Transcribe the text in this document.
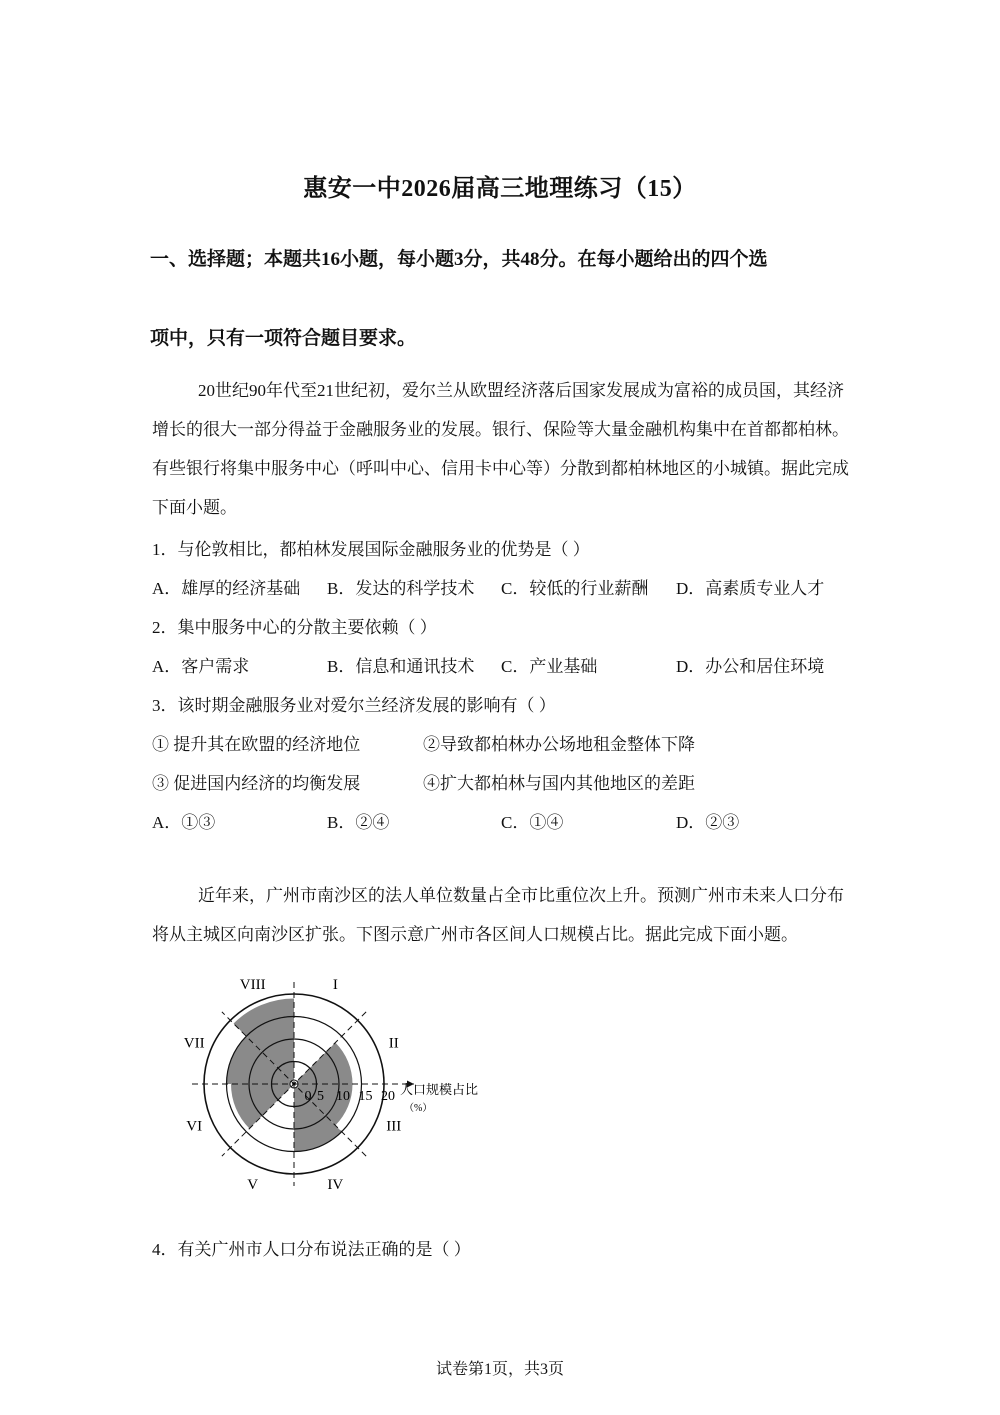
惠安一中2026届高三地理练习（15）
一、选择题；本题共16小题，每小题3分，共48分。在每小题给出的四个选
项中，只有一项符合题目要求。
20世纪90年代至21世纪初，爱尔兰从欧盟经济落后国家发展成为富裕的成员国，其经济增长的很大一部分得益于金融服务业的发展。银行、保险等大量金融机构集中在首都都柏林。有些银行将集中服务中心（呼叫中心、信用卡中心等）分散到都柏林地区的小城镇。据此完成下面小题。
1．与伦敦相比，都柏林发展国际金融服务业的优势是（ ）
A．雄厚的经济基础 B．发达的科学技术 C．较低的行业薪酬 D．高素质专业人才
2．集中服务中心的分散主要依赖（ ）
A．客户需求	B．信息和通讯技术 C．产业基础	D．办公和居住环境
3．该时期金融服务业对爱尔兰经济发展的影响有（ ）
① 提升其在欧盟的经济地位	②导致都柏林办公场地租金整体下降
③ 促进国内经济的均衡发展	④扩大都柏林与国内其他地区的差距
A．①③	B．②④	C．①④	D．②③
近年来，广州市南沙区的法人单位数量占全市比重位次上升。预测广州市未来人口分布将从主城区向南沙区扩张。下图示意广州市各区间人口规模占比。据此完成下面小题。
*
0 5 10 15 20 人口规模占比
（%）
I
II
III
IV
V
VI
VII
VIII
4．有关广州市人口分布说法正确的是（ ）
试卷第1页，共3页
